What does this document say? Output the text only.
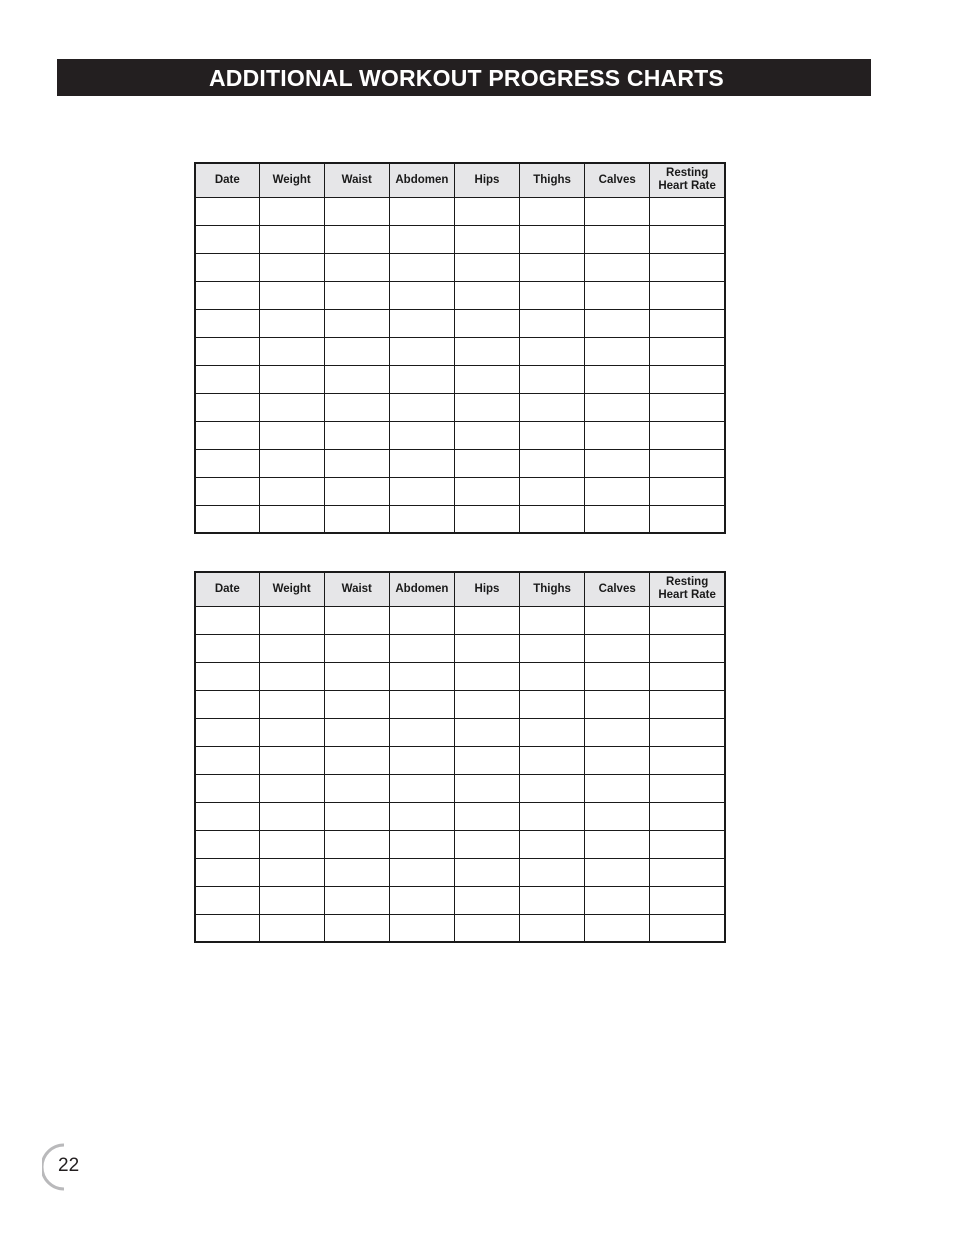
ADDITIONAL WORKOUT PROGRESS CHARTS
Date	Weight	Waist	Abdomen	Hips	Thighs	Calves	Resting Heart Rate

Date	Weight	Waist	Abdomen	Hips	Thighs	Calves	Resting Heart Rate

22
